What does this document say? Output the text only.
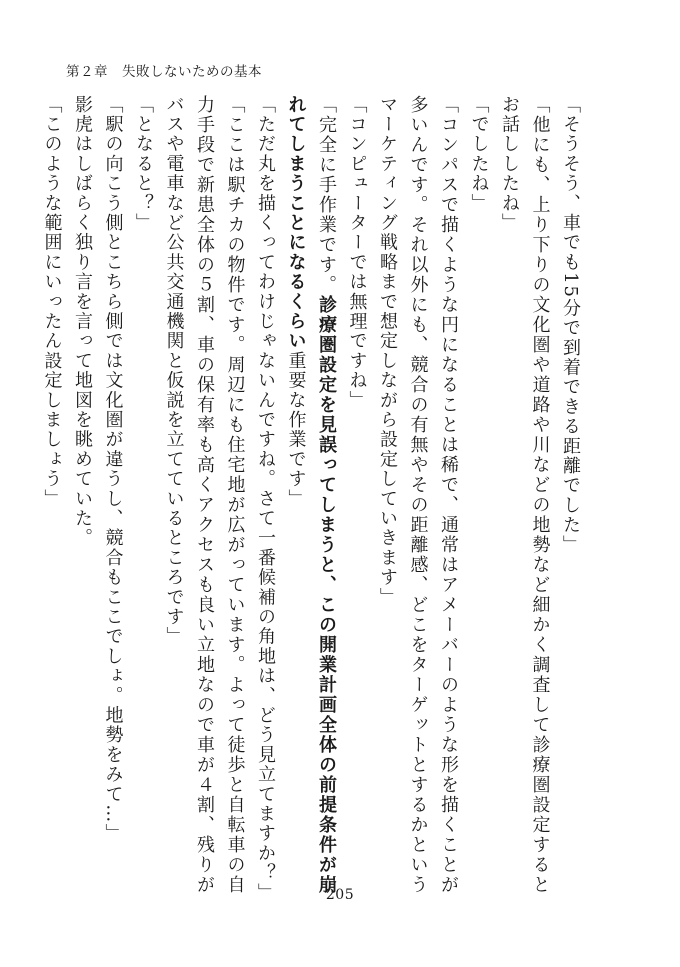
第２章　失敗しないための基本

「そうそう、車でも15分で到着できる距離でした」

「他にも、上り下りの文化圏や道路や川などの地勢など細かく調査して診療圏設定するとお話ししたね」

「でしたね」

「コンパスで描くような円になることは稀で、通常はアメーバーのような形を描くことが多いんです。それ以外にも、競合の有無やその距離感、どこをターゲットとするかというマーケティング戦略まで想定しながら設定していきます」

「コンピューターでは無理ですね」

「完全に手作業です。診療圏設定を見誤ってしまうと、この開業計画全体の前提条件が崩れてしまうことになるくらい重要な作業です」

「ただ丸を描くってわけじゃないんですね。さて一番候補の角地は、どう見立てますか？」

「ここは駅チカの物件です。周辺にも住宅地が広がっています。よって徒歩と自転車の自力手段で新患全体の５割、車の保有率も高くアクセスも良い立地なので車が４割、残りがバスや電車など公共交通機関と仮説を立てているところです」

「となると？」

「駅の向こう側とこちら側では文化圏が違うし、競合もここでしょ。地勢をみて…」

影虎はしばらく独り言を言って地図を眺めていた。

「このような範囲にいったん設定しましょう」

205
